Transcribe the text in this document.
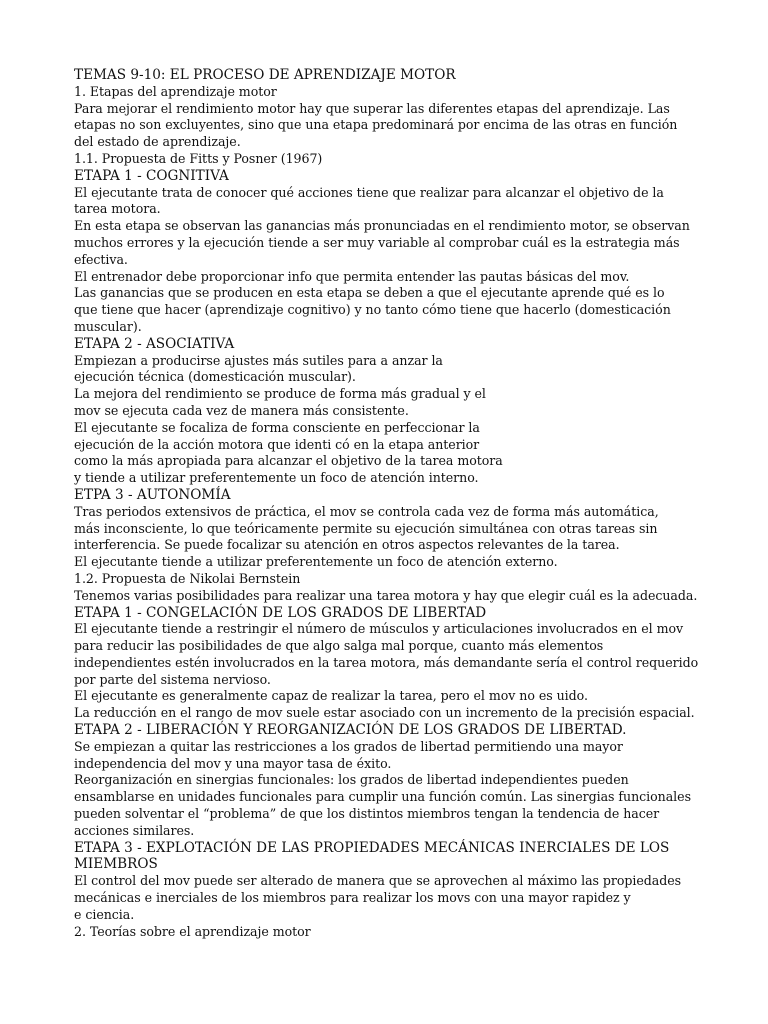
TEMAS 9-10: EL PROCESO DE APRENDIZAJE MOTOR
1. Etapas del aprendizaje motor
Para mejorar el rendimiento motor hay que superar las diferentes etapas del aprendizaje. Las
etapas no son excluyentes, sino que una etapa predominará por encima de las otras en función
del estado de aprendizaje.
1.1. Propuesta de Fitts y Posner (1967)
ETAPA 1 - COGNITIVA
El ejecutante trata de conocer qué acciones tiene que realizar para alcanzar el objetivo de la
tarea motora.
En esta etapa se observan las ganancias más pronunciadas en el rendimiento motor, se observan
muchos errores y la ejecución tiende a ser muy variable al comprobar cuál es la estrategia más
efectiva.
El entrenador debe proporcionar info que permita entender las pautas básicas del mov.
Las ganancias que se producen en esta etapa se deben a que el ejecutante aprende qué es lo
que tiene que hacer (aprendizaje cognitivo) y no tanto cómo tiene que hacerlo (domesticación
muscular).
ETAPA 2 - ASOCIATIVA
Empiezan a producirse ajustes más sutiles para a anzar la
ejecución técnica (domesticación muscular).
La mejora del rendimiento se produce de forma más gradual y el
mov se ejecuta cada vez de manera más consistente.
El ejecutante se focaliza de forma consciente en perfeccionar la
ejecución de la acción motora que identi có en la etapa anterior
como la más apropiada para alcanzar el objetivo de la tarea motora
y tiende a utilizar preferentemente un foco de atención interno.
ETPA 3 - AUTONOMÍA
Tras periodos extensivos de práctica, el mov se controla cada vez de forma más automática,
más inconsciente, lo que teóricamente permite su ejecución simultánea con otras tareas sin
interferencia. Se puede focalizar su atención en otros aspectos relevantes de la tarea.
El ejecutante tiende a utilizar preferentemente un foco de atención externo.
1.2. Propuesta de Nikolai Bernstein
Tenemos varias posibilidades para realizar una tarea motora y hay que elegir cuál es la adecuada.
ETAPA 1 - CONGELACIÓN DE LOS GRADOS DE LIBERTAD
El ejecutante tiende a restringir el número de músculos y articulaciones involucrados en el mov
para reducir las posibilidades de que algo salga mal porque, cuanto más elementos
independientes estén involucrados en la tarea motora, más demandante sería el control requerido
por parte del sistema nervioso.
El ejecutante es generalmente capaz de realizar la tarea, pero el mov no es uido.
La reducción en el rango de mov suele estar asociado con un incremento de la precisión espacial.
ETAPA 2 - LIBERACIÓN Y REORGANIZACIÓN DE LOS GRADOS DE LIBERTAD.
Se empiezan a quitar las restricciones a los grados de libertad permitiendo una mayor
independencia del mov y una mayor tasa de éxito.
Reorganización en sinergias funcionales: los grados de libertad independientes pueden
ensamblarse en unidades funcionales para cumplir una función común. Las sinergias funcionales
pueden solventar el “problema” de que los distintos miembros tengan la tendencia de hacer
acciones similares.
ETAPA 3 - EXPLOTACIÓN DE LAS PROPIEDADES MECÁNICAS INERCIALES DE LOS
MIEMBROS
El control del mov puede ser alterado de manera que se aprovechen al máximo las propiedades
mecánicas e inerciales de los miembros para realizar los movs con una mayor rapidez y
e ciencia.
2. Teorías sobre el aprendizaje motor
